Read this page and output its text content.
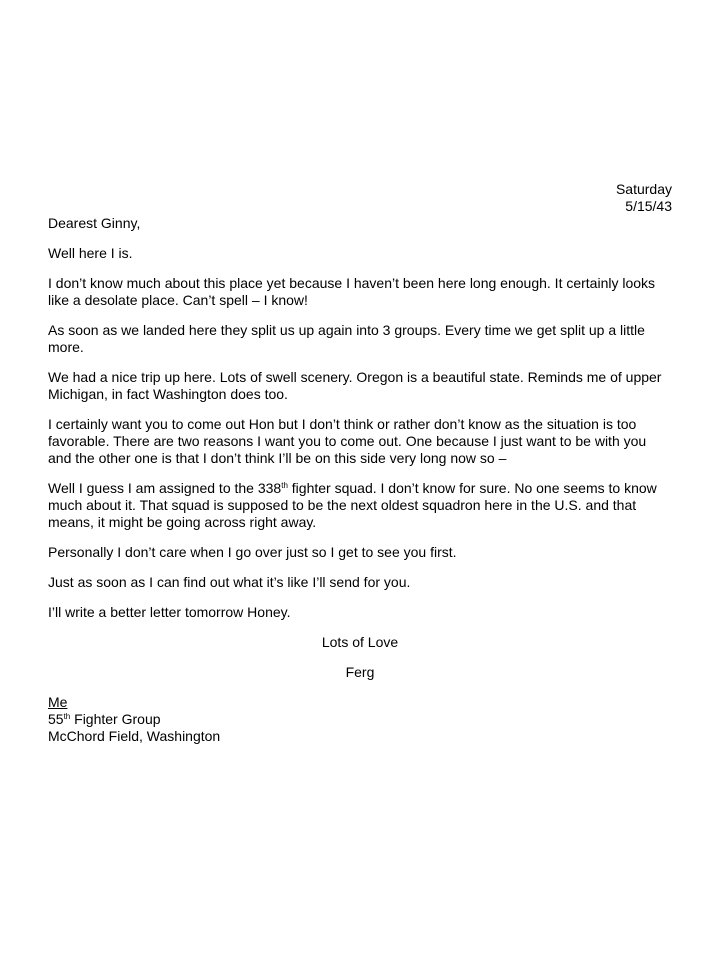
Saturday
5/15/43

Dearest Ginny,

Well here I is.

I don’t know much about this place yet because I haven’t been here long enough. It certainly looks like a desolate place. Can’t spell – I know!

As soon as we landed here they split us up again into 3 groups. Every time we get split up a little more.

We had a nice trip up here. Lots of swell scenery. Oregon is a beautiful state. Reminds me of upper Michigan, in fact Washington does too.

I certainly want you to come out Hon but I don’t think or rather don’t know as the situation is too favorable. There are two reasons I want you to come out. One because I just want to be with you and the other one is that I don’t think I’ll be on this side very long now so –

Well I guess I am assigned to the 338th fighter squad. I don’t know for sure. No one seems to know much about it. That squad is supposed to be the next oldest squadron here in the U.S. and that means, it might be going across right away.

Personally I don’t care when I go over just so I get to see you first.

Just as soon as I can find out what it’s like I’ll send for you.

I’ll write a better letter tomorrow Honey.

Lots of Love

Ferg

Me
55th Fighter Group
McChord Field, Washington
